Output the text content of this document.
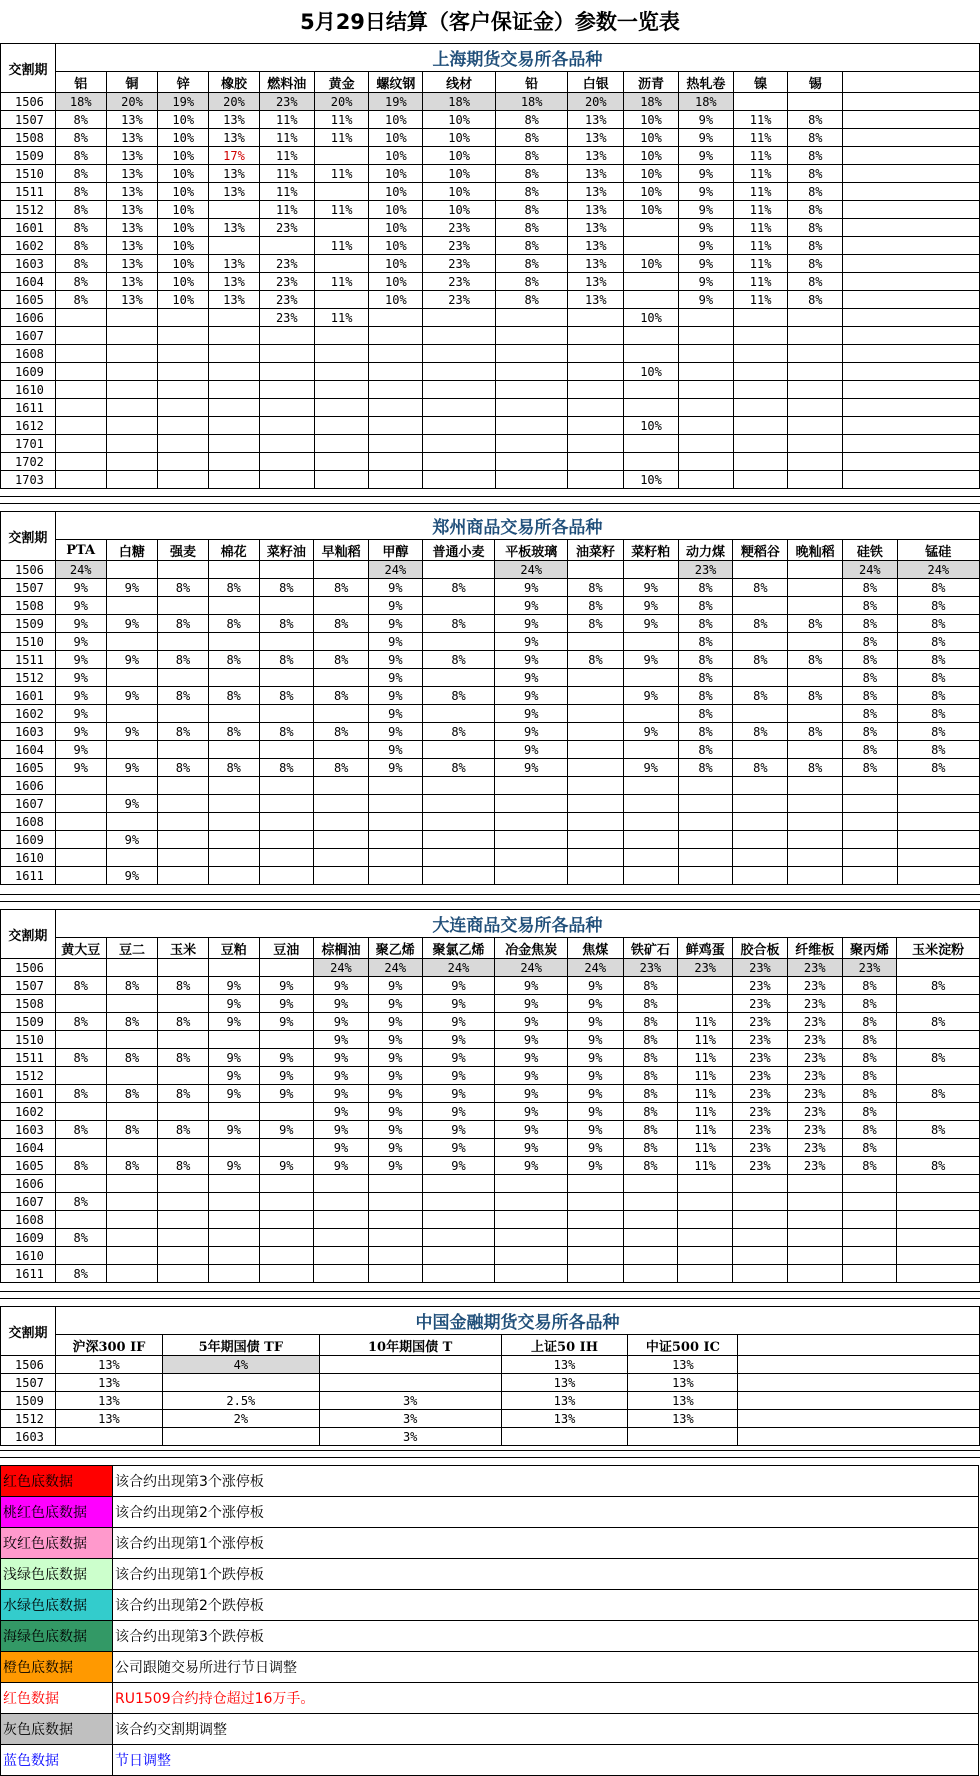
5月29日结算（客户保证金）参数一览表
交割期	上海期货交易所各品种														
	铝	铜	锌	橡胶	燃料油	黄金	螺纹钢	线材	铅	白银	沥青	热轧卷	镍	锡	
1506	18%	20%	19%	20%	23%	20%	19%	18%	18%	20%	18%	18%			
1507	8%	13%	10%	13%	11%	11%	10%	10%	8%	13%	10%	9%	11%	8%	
1508	8%	13%	10%	13%	11%	11%	10%	10%	8%	13%	10%	9%	11%	8%	
1509	8%	13%	10%	17%	11%		10%	10%	8%	13%	10%	9%	11%	8%	
1510	8%	13%	10%	13%	11%	11%	10%	10%	8%	13%	10%	9%	11%	8%	
1511	8%	13%	10%	13%	11%		10%	10%	8%	13%	10%	9%	11%	8%	
1512	8%	13%	10%		11%	11%	10%	10%	8%	13%	10%	9%	11%	8%	
1601	8%	13%	10%	13%	23%		10%	23%	8%	13%		9%	11%	8%	
1602	8%	13%	10%			11%	10%	23%	8%	13%		9%	11%	8%	
1603	8%	13%	10%	13%	23%		10%	23%	8%	13%	10%	9%	11%	8%	
1604	8%	13%	10%	13%	23%	11%	10%	23%	8%	13%		9%	11%	8%	
1605	8%	13%	10%	13%	23%		10%	23%	8%	13%		9%	11%	8%	
1606					23%	11%					10%				
1607															
1608															
1609											10%				
1610															
1611															
1612											10%				
1701															
1702															
1703											10%				
交割期	郑州商品交易所各品种															
	PTA	白糖	强麦	棉花	菜籽油	早籼稻	甲醇	普通小麦	平板玻璃	油菜籽	菜籽粕	动力煤	粳稻谷	晚籼稻	硅铁	锰硅
1506	24%						24%		24%			23%			24%	24%
1507	9%	9%	8%	8%	8%	8%	9%	8%	9%	8%	9%	8%	8%		8%	8%
1508	9%						9%		9%	8%	9%	8%			8%	8%
1509	9%	9%	8%	8%	8%	8%	9%	8%	9%	8%	9%	8%	8%	8%	8%	8%
1510	9%						9%		9%			8%			8%	8%
1511	9%	9%	8%	8%	8%	8%	9%	8%	9%	8%	9%	8%	8%	8%	8%	8%
1512	9%						9%		9%			8%			8%	8%
1601	9%	9%	8%	8%	8%	8%	9%	8%	9%		9%	8%	8%	8%	8%	8%
1602	9%						9%		9%			8%			8%	8%
1603	9%	9%	8%	8%	8%	8%	9%	8%	9%		9%	8%	8%	8%	8%	8%
1604	9%						9%		9%			8%			8%	8%
1605	9%	9%	8%	8%	8%	8%	9%	8%	9%		9%	8%	8%	8%	8%	8%
1606																
1607		9%														
1608																
1609		9%														
1610																
1611		9%														
交割期	大连商品交易所各品种															
	黄大豆	豆二	玉米	豆粕	豆油	棕榈油	聚乙烯	聚氯乙烯	冶金焦炭	焦煤	铁矿石	鲜鸡蛋	胶合板	纤维板	聚丙烯	玉米淀粉
1506						24%	24%	24%	24%	24%	23%	23%	23%	23%	23%	
1507	8%	8%	8%	9%	9%	9%	9%	9%	9%	9%	8%		23%	23%	8%	8%
1508				9%	9%	9%	9%	9%	9%	9%	8%		23%	23%	8%	
1509	8%	8%	8%	9%	9%	9%	9%	9%	9%	9%	8%	11%	23%	23%	8%	8%
1510						9%	9%	9%	9%	9%	8%	11%	23%	23%	8%	
1511	8%	8%	8%	9%	9%	9%	9%	9%	9%	9%	8%	11%	23%	23%	8%	8%
1512				9%	9%	9%	9%	9%	9%	9%	8%	11%	23%	23%	8%	
1601	8%	8%	8%	9%	9%	9%	9%	9%	9%	9%	8%	11%	23%	23%	8%	8%
1602						9%	9%	9%	9%	9%	8%	11%	23%	23%	8%	
1603	8%	8%	8%	9%	9%	9%	9%	9%	9%	9%	8%	11%	23%	23%	8%	8%
1604						9%	9%	9%	9%	9%	8%	11%	23%	23%	8%	
1605	8%	8%	8%	9%	9%	9%	9%	9%	9%	9%	8%	11%	23%	23%	8%	8%
1606																
1607	8%															
1608																
1609	8%															
1610																
1611	8%															
交割期	中国金融期货交易所各品种					
	沪深300 IF	5年期国债 TF	10年期国债 T	上证50 IH	中证500 IC	
1506	13%	4%		13%	13%	
1507	13%			13%	13%	
1509	13%	2.5%	3%	13%	13%	
1512	13%	2%	3%	13%	13%	
1603			3%			
红色底数据	该合约出现第3个涨停板
桃红色底数据	该合约出现第2个涨停板
玫红色底数据	该合约出现第1个涨停板
浅绿色底数据	该合约出现第1个跌停板
水绿色底数据	该合约出现第2个跌停板
海绿色底数据	该合约出现第3个跌停板
橙色底数据	公司跟随交易所进行节日调整
红色数据	RU1509合约持仓超过16万手。
灰色底数据	该合约交割期调整
蓝色数据	节日调整
